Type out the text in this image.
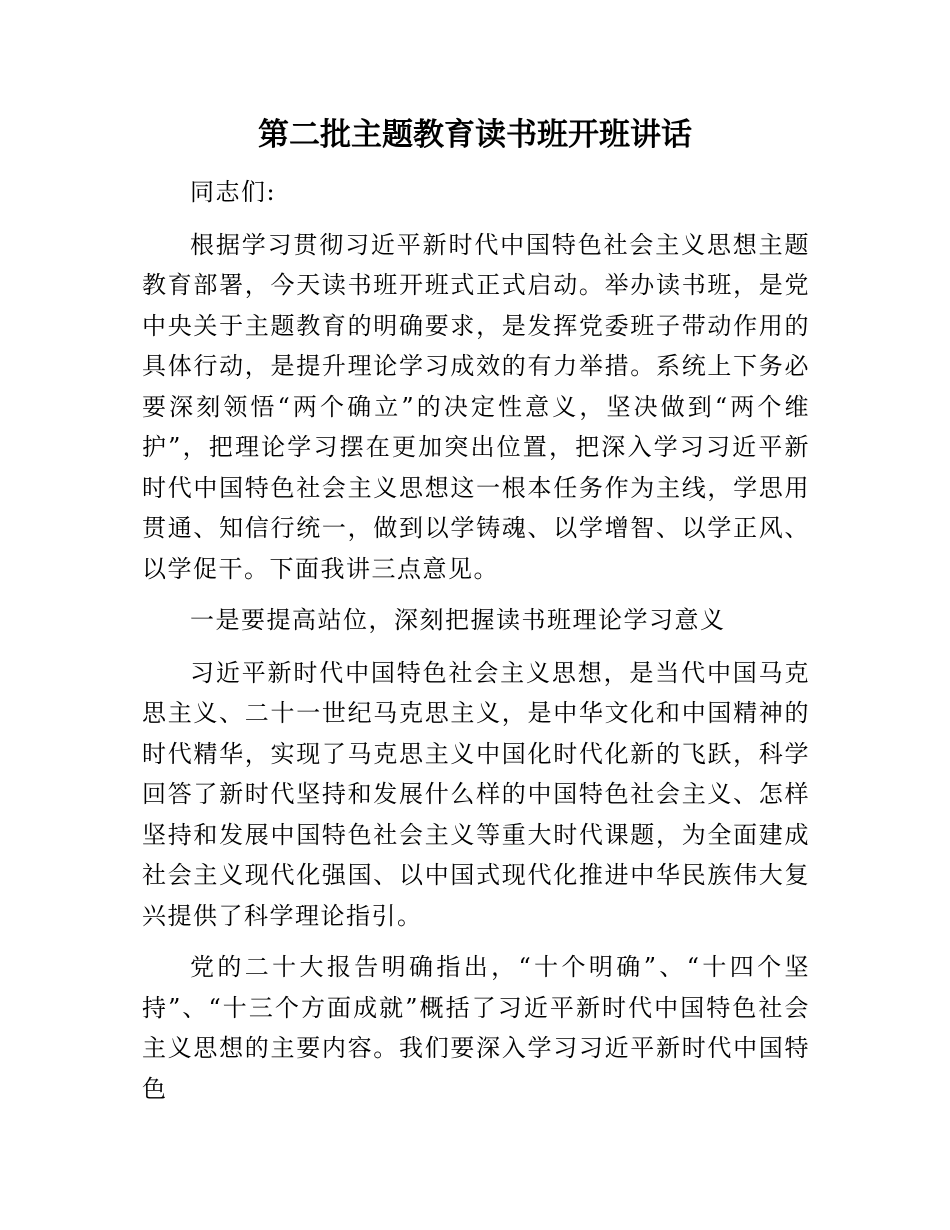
第二批主题教育读书班开班讲话

同志们:

根据学习贯彻习近平新时代中国特色社会主义思想主题教育部署，今天读书班开班式正式启动。举办读书班，是党中央关于主题教育的明确要求，是发挥党委班子带动作用的具体行动，是提升理论学习成效的有力举措。系统上下务必要深刻领悟“两个确立”的决定性意义，坚决做到“两个维护”，把理论学习摆在更加突出位置，把深入学习习近平新时代中国特色社会主义思想这一根本任务作为主线，学思用贯通、知信行统一，做到以学铸魂、以学增智、以学正风、以学促干。下面我讲三点意见。

一是要提高站位，深刻把握读书班理论学习意义

习近平新时代中国特色社会主义思想，是当代中国马克思主义、二十一世纪马克思主义，是中华文化和中国精神的时代精华，实现了马克思主义中国化时代化新的飞跃，科学回答了新时代坚持和发展什么样的中国特色社会主义、怎样坚持和发展中国特色社会主义等重大时代课题，为全面建成社会主义现代化强国、以中国式现代化推进中华民族伟大复兴提供了科学理论指引。

党的二十大报告明确指出，“十个明确”、“十四个坚持”、“十三个方面成就”概括了习近平新时代中国特色社会主义思想的主要内容。我们要深入学习习近平新时代中国特色
